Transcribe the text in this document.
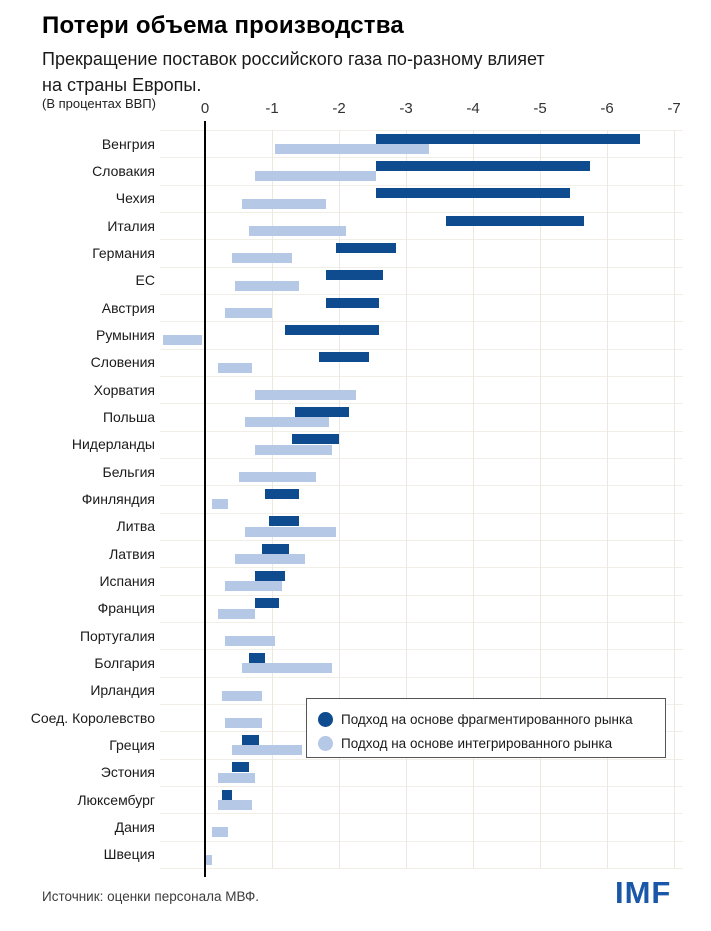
Потери объема производства
Прекращение поставок российского газа по-разному влияет
на страны Европы.
(В процентах ВВП)	0	-1	-2	-3	-4	-5	-6	-7
Венгрия
Словакия
Чехия
Италия
Германия
ЕС
Австрия
Румыния
Словения
Хорватия
Польша
Нидерланды
Бельгия
Финляндия
Литва
Латвия
Испания
Франция
Португалия
Болгария
Ирландия
Соед. Королевство
Греция
Эстония
Люксембург
Дания
Швеция
Подход на основе фрагментированного рынка
Подход на основе интегрированного рынка
Источник: оценки персонала МВФ.	IMF
